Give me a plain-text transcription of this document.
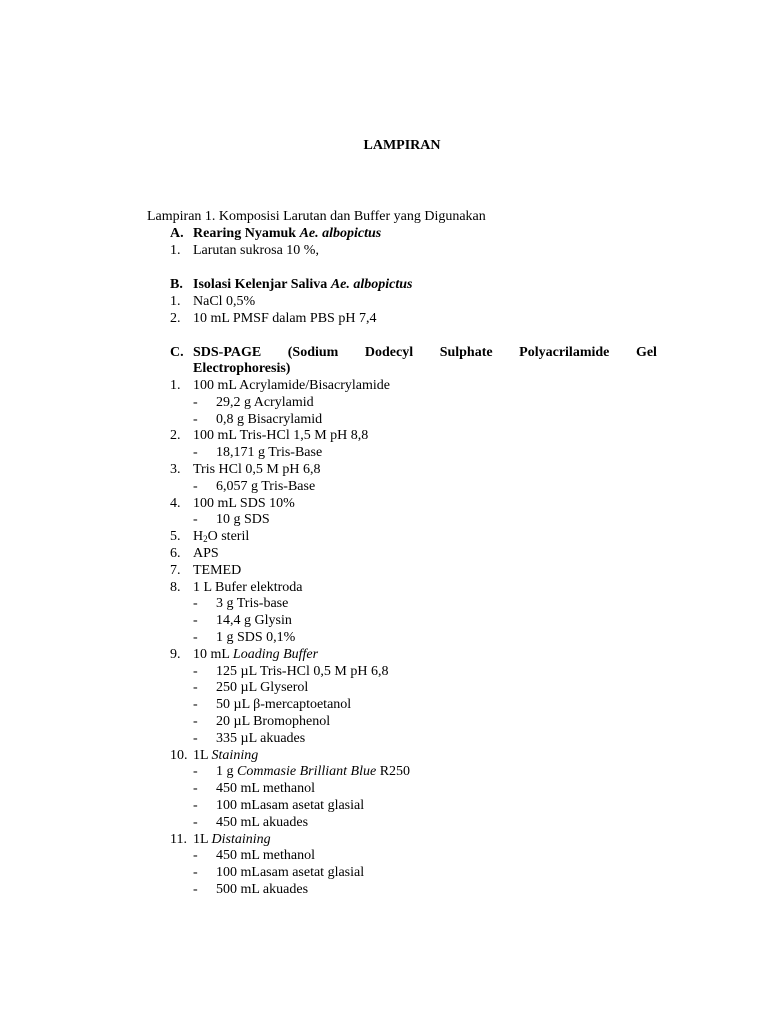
LAMPIRAN
Lampiran 1. Komposisi Larutan dan Buffer yang Digunakan
A. Rearing Nyamuk Ae. albopictus
1. Larutan sukrosa 10 %,
B. Isolasi Kelenjar Saliva Ae. albopictus
1. NaCl 0,5%
2. 10 mL PMSF dalam PBS pH 7,4
C. SDS-PAGE (Sodium Dodecyl Sulphate Polyacrilamide Gel
Electrophoresis)
1. 100 mL Acrylamide/Bisacrylamide
- 29,2 g Acrylamid
- 0,8 g Bisacrylamid
2. 100 mL Tris-HCl 1,5 M pH 8,8
- 18,171 g Tris-Base
3. Tris HCl 0,5 M pH 6,8
- 6,057 g Tris-Base
4. 100 mL SDS 10%
- 10 g SDS
5. $H_2O$ steril
6. APS
7. TEMED
8. 1 L Bufer elektroda
- 3 g Tris-base
- 14,4 g Glysin
- 1 g SDS 0,1%
9. 10 mL Loading Buffer
- 125 µL Tris-HCl 0,5 M pH 6,8
- 250 µL Glyserol
- 50 µL β-mercaptoetanol
- 20 µL Bromophenol
- 335 µL akuades
10. 1L Staining
- 1 g Commasie Brilliant Blue R250
- 450 mL methanol
- 100 mLasam asetat glasial
- 450 mL akuades
11. 1L Distaining
- 450 mL methanol
- 100 mLasam asetat glasial
- 500 mL akuades
